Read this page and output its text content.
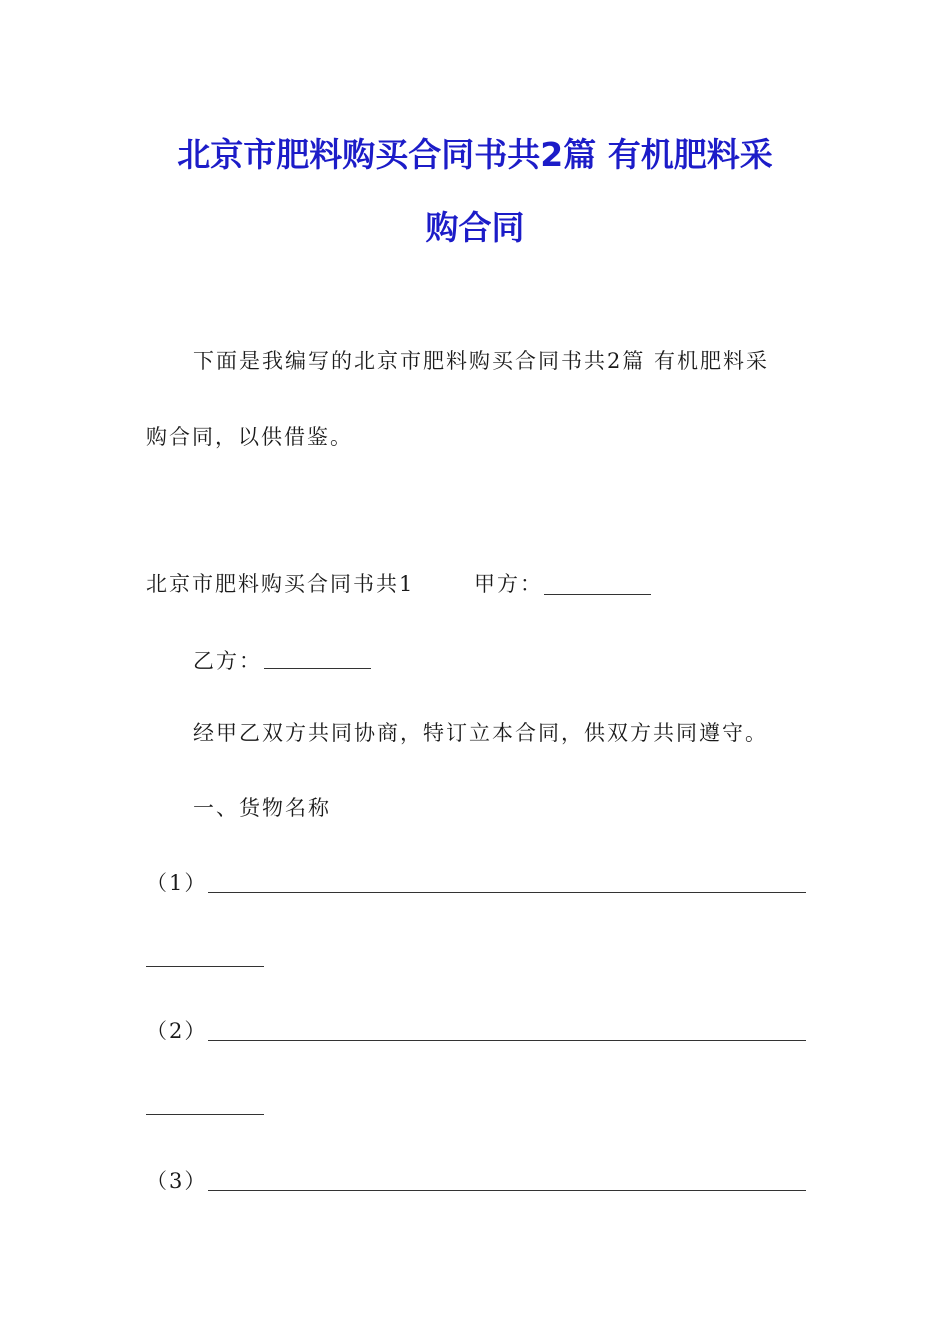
北京市肥料购买合同书共2篇 有机肥料采
购合同
下面是我编写的北京市肥料购买合同书共2篇 有机肥料采
购合同，以供借鉴。
北京市肥料购买合同书共1	甲方：
乙方：
经甲乙双方共同协商，特订立本合同，供双方共同遵守。
一、货物名称
（1）
（2）
（3）
